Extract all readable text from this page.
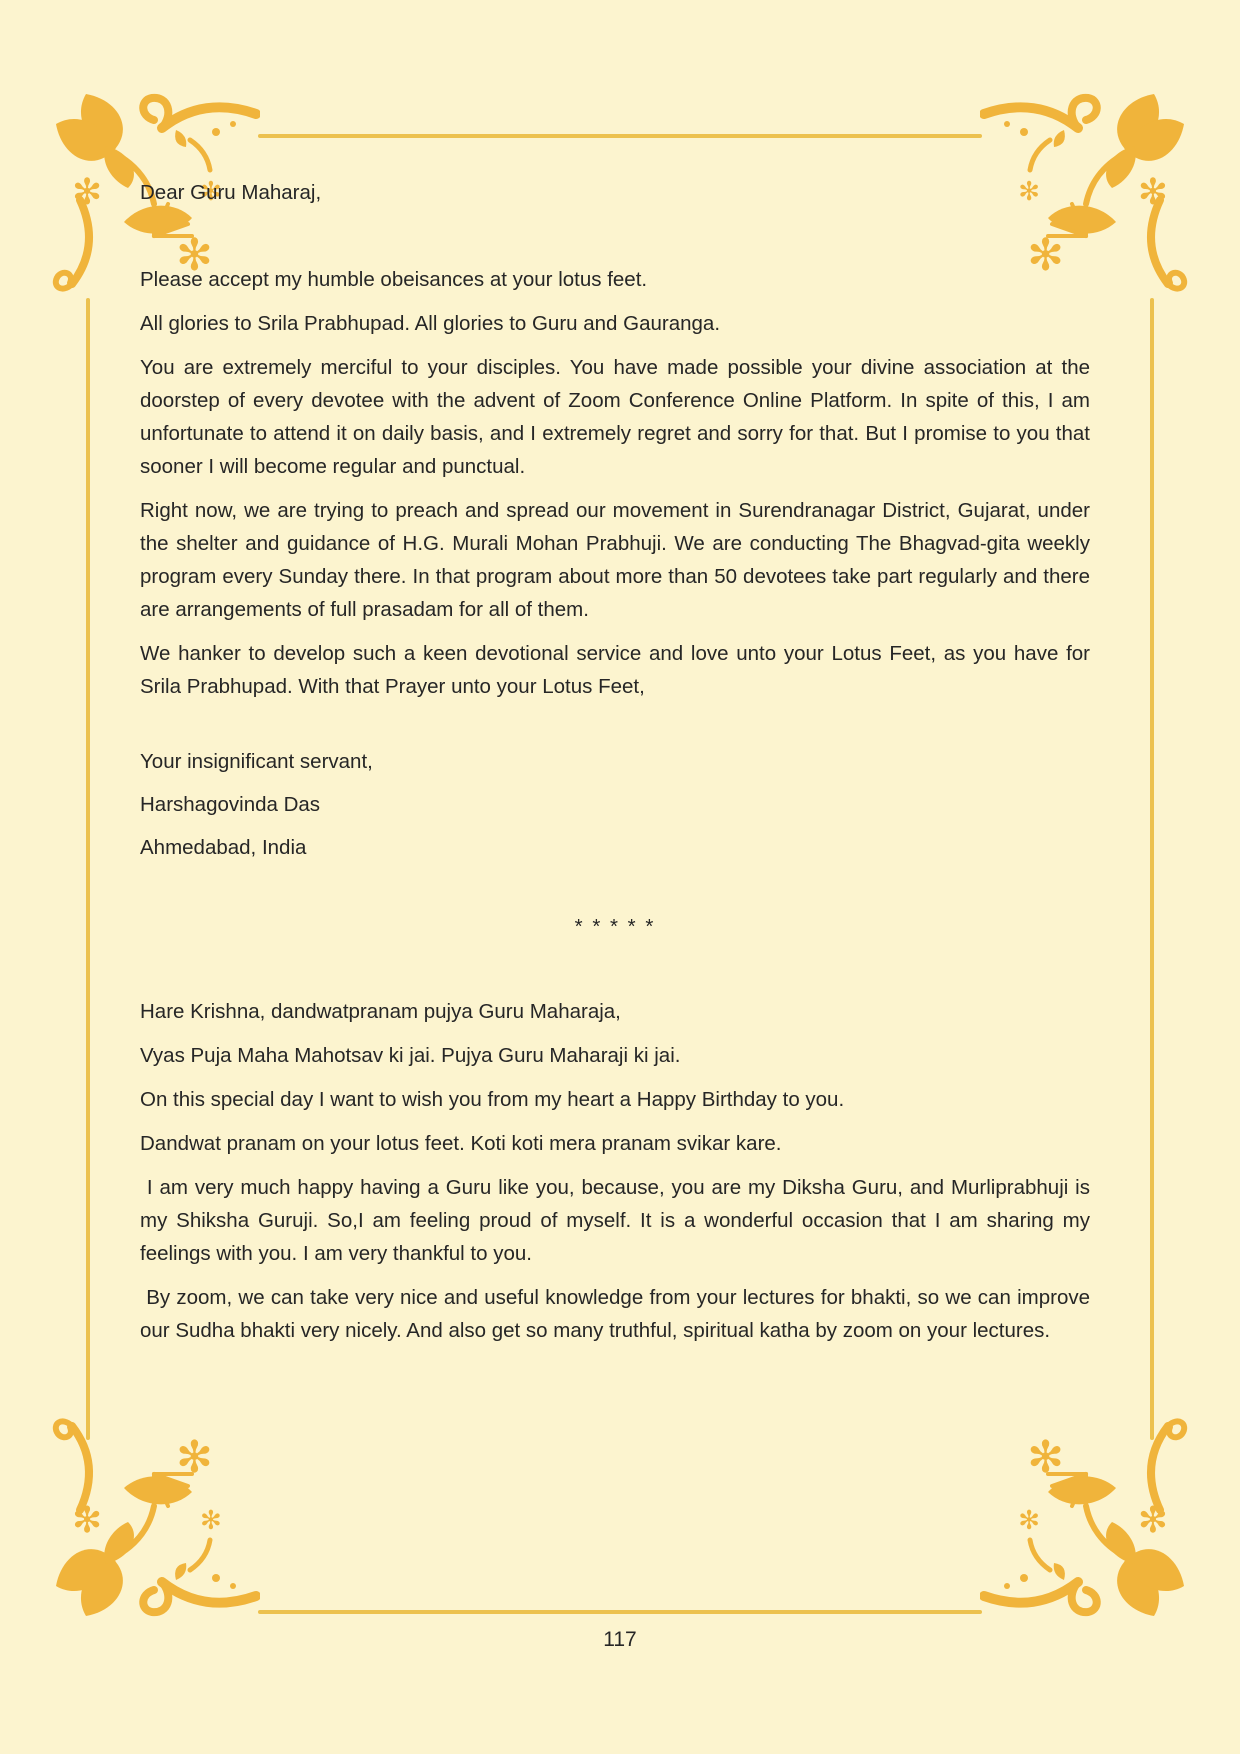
Dear Guru Maharaj,

Please accept my humble obeisances at your lotus feet.

All glories to Srila Prabhupad. All glories to Guru and Gauranga.

You are extremely merciful to your disciples. You have made possible your divine association at the doorstep of every devotee with the advent of Zoom Conference Online Platform. In spite of this, I am unfortunate to attend it on daily basis, and I extremely regret and sorry for that. But I promise to you that sooner I will become regular and punctual.

Right now, we are trying to preach and spread our movement in Surendranagar District, Gujarat, under the shelter and guidance of H.G. Murali Mohan Prabhuji. We are conducting The Bhagvad-gita weekly program every Sunday there. In that program about more than 50 devotees take part regularly and there are arrangements of full prasadam for all of them.

We hanker to develop such a keen devotional service and love unto your Lotus Feet, as you have for Srila Prabhupad. With that Prayer unto your Lotus Feet,

Your insignificant servant,

Harshagovinda Das

Ahmedabad, India

* * * * *

Hare Krishna, dandwatpranam pujya Guru Maharaja,

Vyas Puja Maha Mahotsav ki jai. Pujya Guru Maharaji ki jai.

On this special day I want to wish you from my heart a Happy Birthday to you.

Dandwat pranam on your lotus feet. Koti koti mera pranam svikar kare.

I am very much happy having a Guru like you, because, you are my Diksha Guru, and Murliprabhuji is my Shiksha Guruji. So,I am feeling proud of myself. It is a wonderful occasion that I am sharing my feelings with you. I am very thankful to you.

By zoom, we can take very nice and useful knowledge from your lectures for bhakti, so we can improve our Sudha bhakti very nicely. And also get so many truthful, spiritual katha by zoom on your lectures.

117
